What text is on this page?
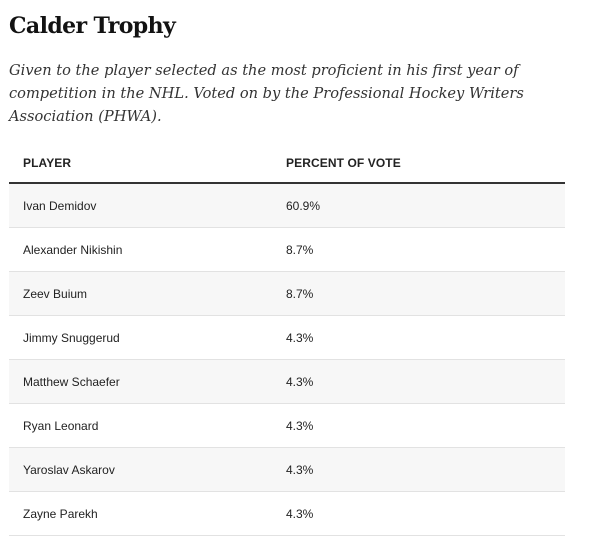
Calder Trophy

Given to the player selected as the most proficient in his first year of competition in the NHL. Voted on by the Professional Hockey Writers Association (PHWA).

PLAYER	PERCENT OF VOTE
Ivan Demidov	60.9%
Alexander Nikishin	8.7%
Zeev Buium	8.7%
Jimmy Snuggerud	4.3%
Matthew Schaefer	4.3%
Ryan Leonard	4.3%
Yaroslav Askarov	4.3%
Zayne Parekh	4.3%
